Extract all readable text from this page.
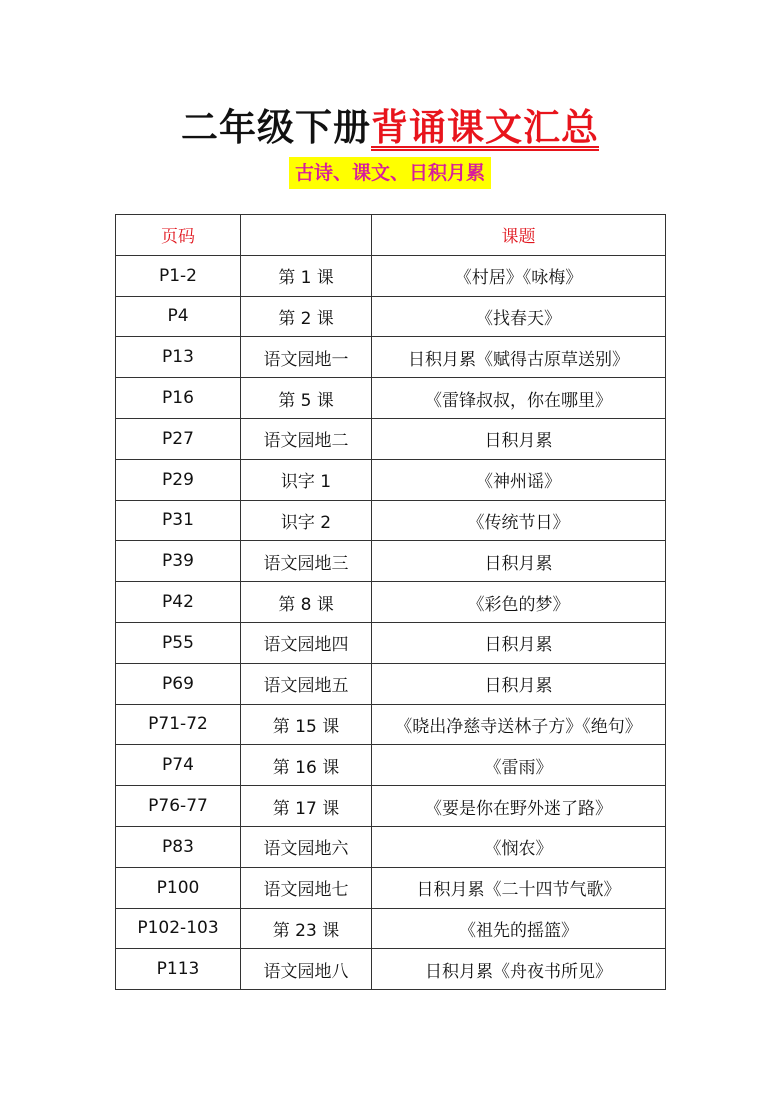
二年级下册背诵课文汇总
古诗、课文、日积月累
页码		课题
P1-2	第 1 课	《村居》《咏梅》
P4	第 2 课	《找春天》
P13	语文园地一	日积月累《赋得古原草送别》
P16	第 5 课	《雷锋叔叔，你在哪里》
P27	语文园地二	日积月累
P29	识字 1	《神州谣》
P31	识字 2	《传统节日》
P39	语文园地三	日积月累
P42	第 8 课	《彩色的梦》
P55	语文园地四	日积月累
P69	语文园地五	日积月累
P71-72	第 15 课	《晓出净慈寺送林子方》《绝句》
P74	第 16 课	《雷雨》
P76-77	第 17 课	《要是你在野外迷了路》
P83	语文园地六	《悯农》
P100	语文园地七	日积月累《二十四节气歌》
P102-103	第 23 课	《祖先的摇篮》
P113	语文园地八	日积月累《舟夜书所见》
